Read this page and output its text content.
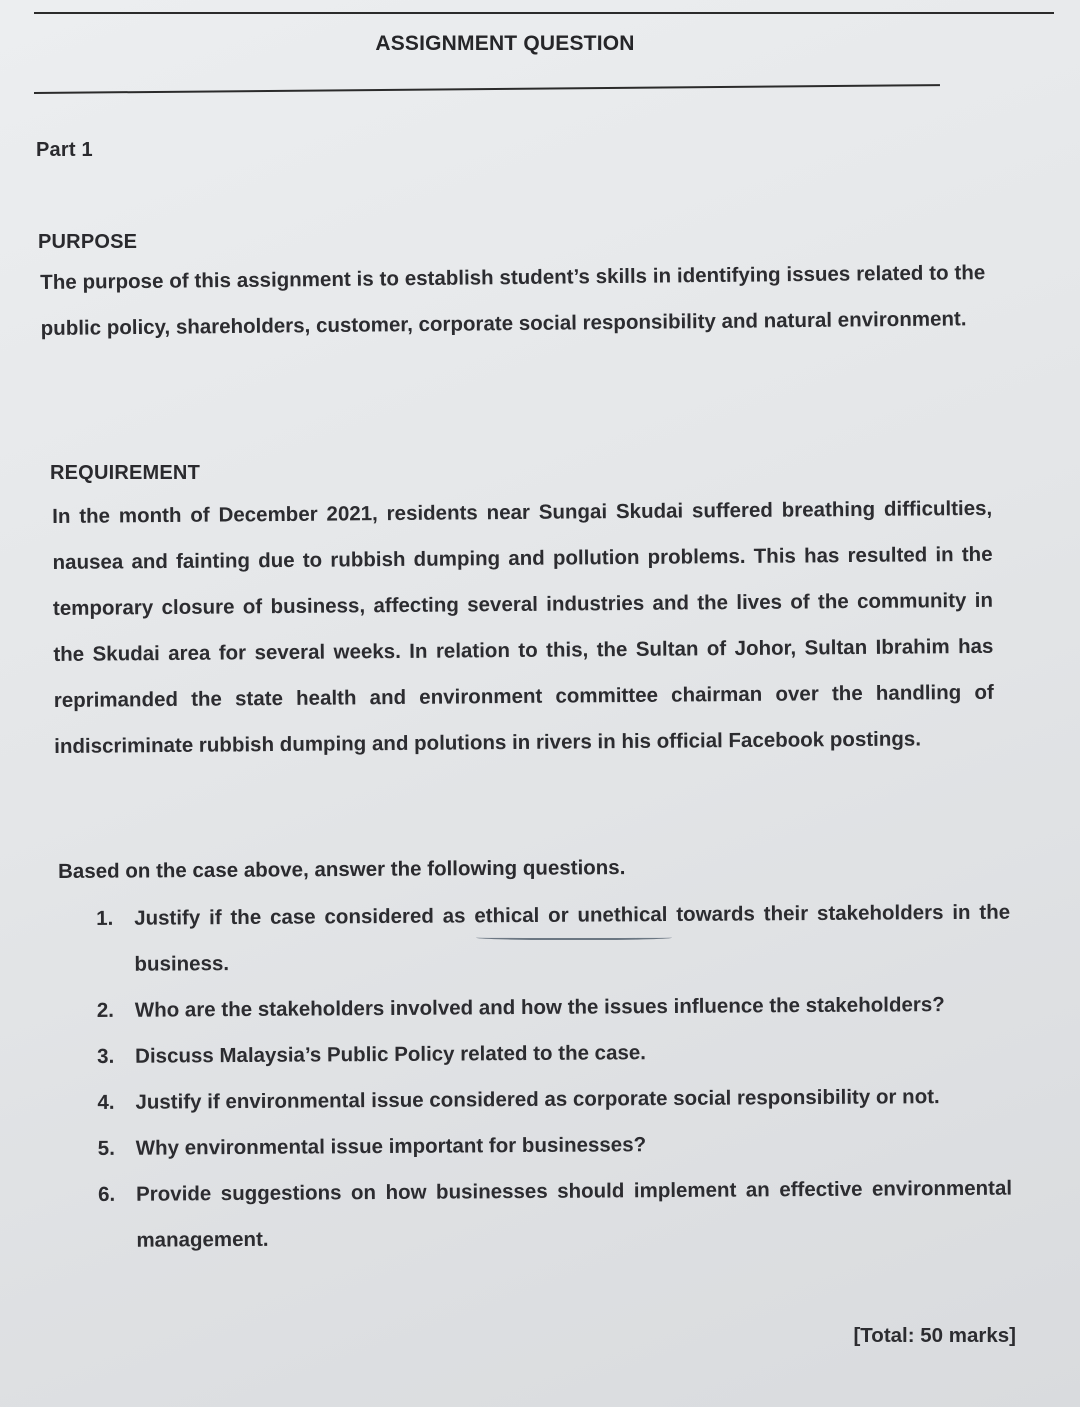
ASSIGNMENT QUESTION
Part 1
PURPOSE
The purpose of this assignment is to establish student’s skills in identifying issues related to the public policy, shareholders, customer, corporate social responsibility and natural environment.
REQUIREMENT
In the month of December 2021, residents near Sungai Skudai suffered breathing difficulties, nausea and fainting due to rubbish dumping and pollution problems. This has resulted in the temporary closure of business, affecting several industries and the lives of the community in the Skudai area for several weeks. In relation to this, the Sultan of Johor, Sultan Ibrahim has reprimanded the state health and environment committee chairman over the handling of indiscriminate rubbish dumping and polutions in rivers in his official Facebook postings.
Based on the case above, answer the following questions.
1.	Justify if the case considered as ethical or unethical towards their stakeholders in the business.
2.	Who are the stakeholders involved and how the issues influence the stakeholders?
3.	Discuss Malaysia’s Public Policy related to the case.
4.	Justify if environmental issue considered as corporate social responsibility or not.
5.	Why environmental issue important for businesses?
6.	Provide suggestions on how businesses should implement an effective environmental management.
[Total: 50 marks]
